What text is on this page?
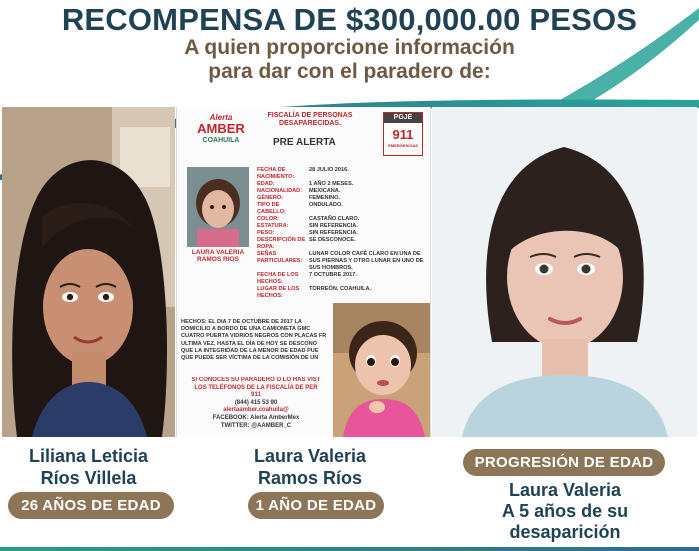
RECOMPENSA DE $300,000.00 PESOS
A quien proporcione información
para dar con el paradero de:
Alerta
AMBER
COAHUILA
FISCALÍA DE PERSONAS
DESAPARECIDAS.
PRE ALERTA
PGJE
911
EMERGENCIAS
LAURA VALERIA
RAMOS RIOS
FECHA DE NACIMIENTO:
28 JULIO 2016.
EDAD:	1 AÑO 2 MESES.
NACIONALIDAD:	MEXICANA.
GÉNERO:	FEMENINO.
TIPO DE CABELLO:
ONDULADO.
COLOR:	CASTAÑO CLARO.
ESTATURA:	SIN REFERENCIA.
PESO:	SIN REFERENCIA.
DESCRIPCIÓN DE ROPA:
SE DESCONOCE.
SEÑAS PARTICULARES:
LUNAR COLOR CAFÉ CLARO EN UNA DE SUS PIERNAS Y OTRO LUNAR EN UNO DE SUS HOMBROS.
FECHA DE LOS HECHOS:
7 OCTUBRE 2017.
LUGAR DE LOS HECHOS:
TORREÓN, COAHUILA.
HECHOS: EL DÍA 7 DE OCTUBRE DE 2017 LA
DOMICILIO A BORDO DE UNA CAMIONETA GMC
CUATRO PUERTA VIDRIOS NEGROS CON PLACAS FR
ULTIMA VEZ, HASTA EL DÍA DE HOY SE DESCONO
QUE LA INTEGRIDAD DE LA MENOR DE EDAD PUE
QUE PUEDE SER VÍCTIMA DE LA COMISIÓN DE UN
SI CONOCES SU PARADERO O LO HAS VIST
LOS TELÉFONOS DE LA FISCALÍA DE PER
911
(844) 415 53 90
alertaamber.coahuila@
FACEBOOK: Alerta AmberMex
TWITTER: @AAMBER_C
Liliana Leticia
Ríos Villela
26 AÑOS DE EDAD
Laura Valeria
Ramos Ríos
1 AÑO DE EDAD
PROGRESIÓN DE EDAD
Laura Valeria
A 5 años de su
desaparición
